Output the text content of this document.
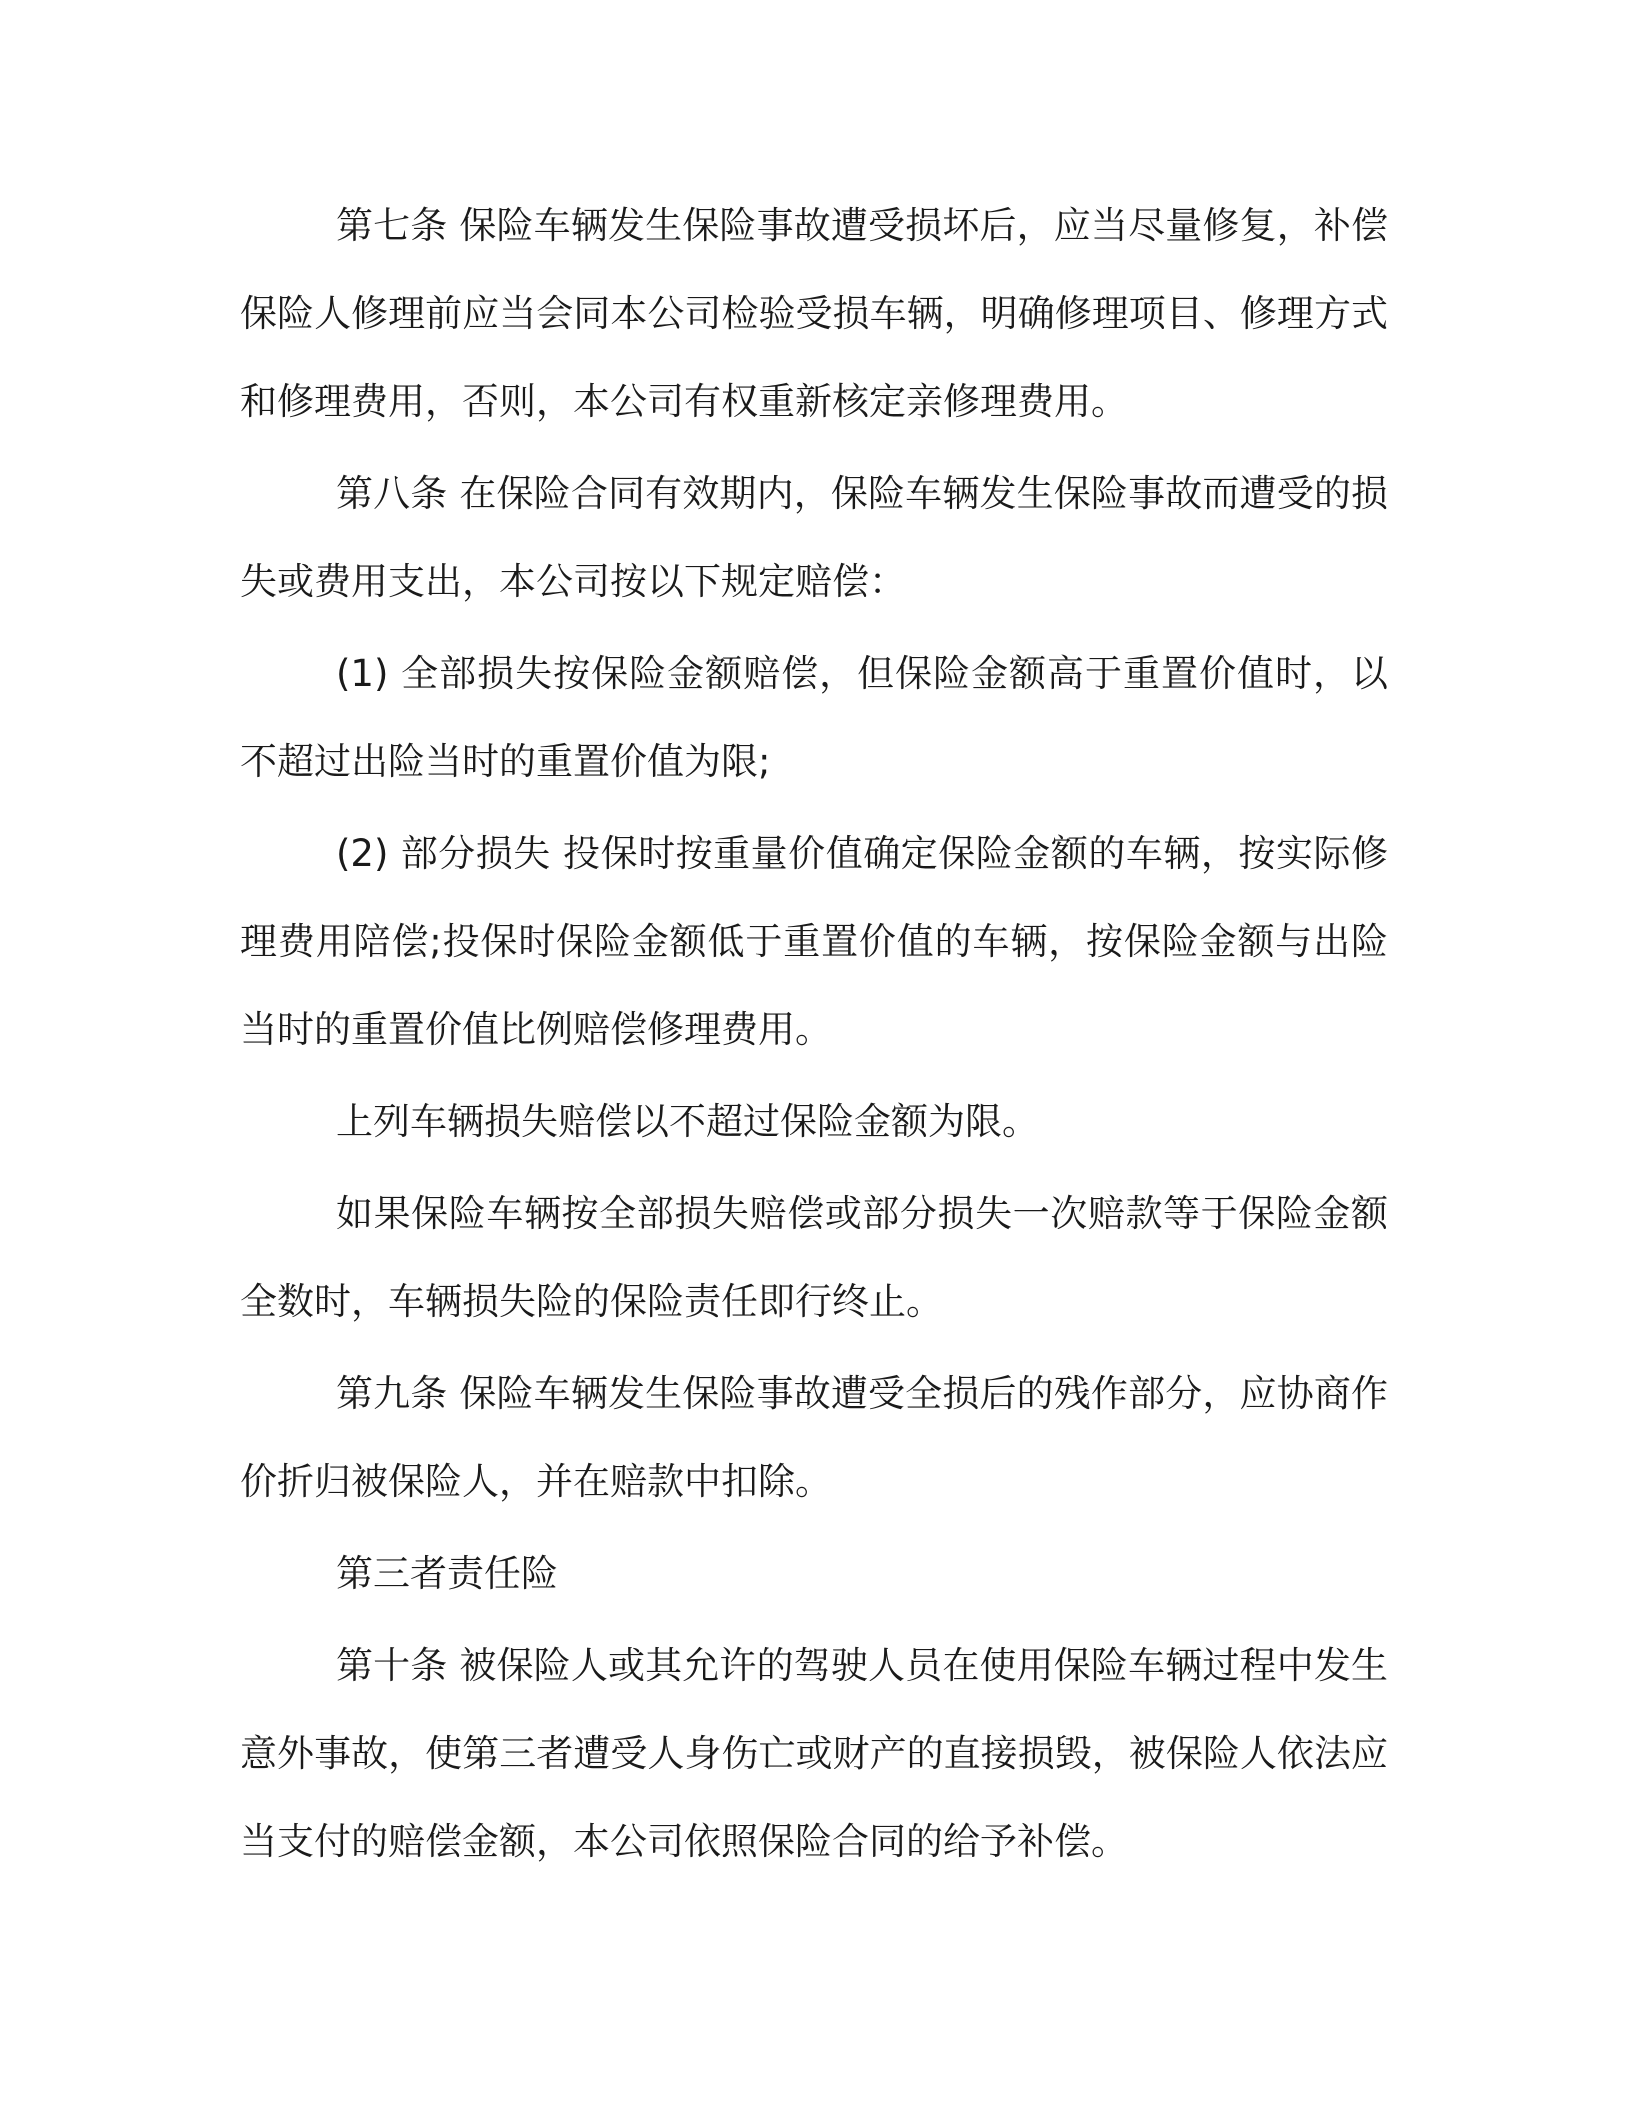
第七条 保险车辆发生保险事故遭受损坏后，应当尽量修复，补偿保险人修理前应当会同本公司检验受损车辆，明确修理项目、修理方式和修理费用，否则，本公司有权重新核定亲修理费用。

第八条 在保险合同有效期内，保险车辆发生保险事故而遭受的损失或费用支出，本公司按以下规定赔偿：

(1) 全部损失按保险金额赔偿，但保险金额高于重置价值时，以不超过出险当时的重置价值为限;

(2) 部分损失 投保时按重量价值确定保险金额的车辆，按实际修理费用陪偿;投保时保险金额低于重置价值的车辆，按保险金额与出险当时的重置价值比例赔偿修理费用。

上列车辆损失赔偿以不超过保险金额为限。

如果保险车辆按全部损失赔偿或部分损失一次赔款等于保险金额全数时，车辆损失险的保险责任即行终止。

第九条 保险车辆发生保险事故遭受全损后的残作部分，应协商作价折归被保险人，并在赔款中扣除。

第三者责任险

第十条 被保险人或其允许的驾驶人员在使用保险车辆过程中发生意外事故，使第三者遭受人身伤亡或财产的直接损毁，被保险人依法应当支付的赔偿金额，本公司依照保险合同的给予补偿。
